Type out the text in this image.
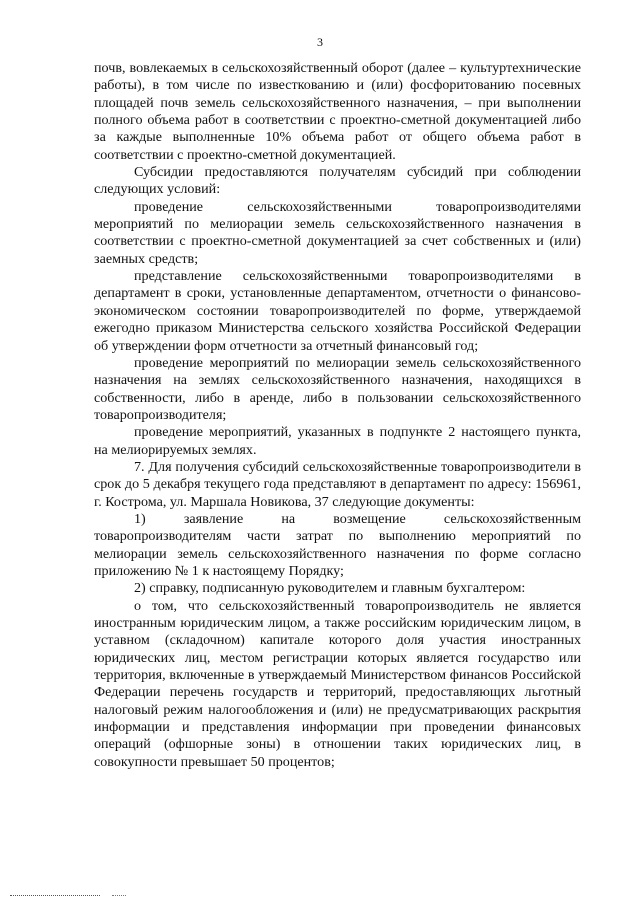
3

почв, вовлекаемых в сельскохозяйственный оборот (далее – культуртехнические работы), в том числе по известкованию и (или) фосфоритованию посевных площадей почв земель сельскохозяйственного назначения, – при выполнении полного объема работ в соответствии с проектно-сметной документацией либо за каждые выполненные 10% объема работ от общего объема работ в соответствии с проектно-сметной документацией.

Субсидии предоставляются получателям субсидий при соблюдении следующих условий:

проведение сельскохозяйственными товаропроизводителями мероприятий по мелиорации земель сельскохозяйственного назначения в соответствии с проектно-сметной документацией за счет собственных и (или) заемных средств;

представление сельскохозяйственными товаропроизводителями в департамент в сроки, установленные департаментом, отчетности о финансово-экономическом состоянии товаропроизводителей по форме, утверждаемой ежегодно приказом Министерства сельского хозяйства Российской Федерации об утверждении форм отчетности за отчетный финансовый год;

проведение мероприятий по мелиорации земель сельскохозяйственного назначения на землях сельскохозяйственного назначения, находящихся в собственности, либо в аренде, либо в пользовании сельскохозяйственного товаропроизводителя;

проведение мероприятий, указанных в подпункте 2 настоящего пункта, на мелиорируемых землях.

7. Для получения субсидий сельскохозяйственные товаропроизводители в срок до 5 декабря текущего года представляют в департамент по адресу: 156961, г. Кострома, ул. Маршала Новикова, 37 следующие документы:

1) заявление на возмещение сельскохозяйственным товаропроизводителям части затрат по выполнению мероприятий по мелиорации земель сельскохозяйственного назначения по форме согласно приложению № 1 к настоящему Порядку;

2) справку, подписанную руководителем и главным бухгалтером:

о том, что сельскохозяйственный товаропроизводитель не является иностранным юридическим лицом, а также российским юридическим лицом, в уставном (складочном) капитале которого доля участия иностранных юридических лиц, местом регистрации которых является государство или территория, включенные в утверждаемый Министерством финансов Российской Федерации перечень государств и территорий, предоставляющих льготный налоговый режим налогообложения и (или) не предусматривающих раскрытия информации и представления информации при проведении финансовых операций (офшорные зоны) в отношении таких юридических лиц, в совокупности превышает 50 процентов;
